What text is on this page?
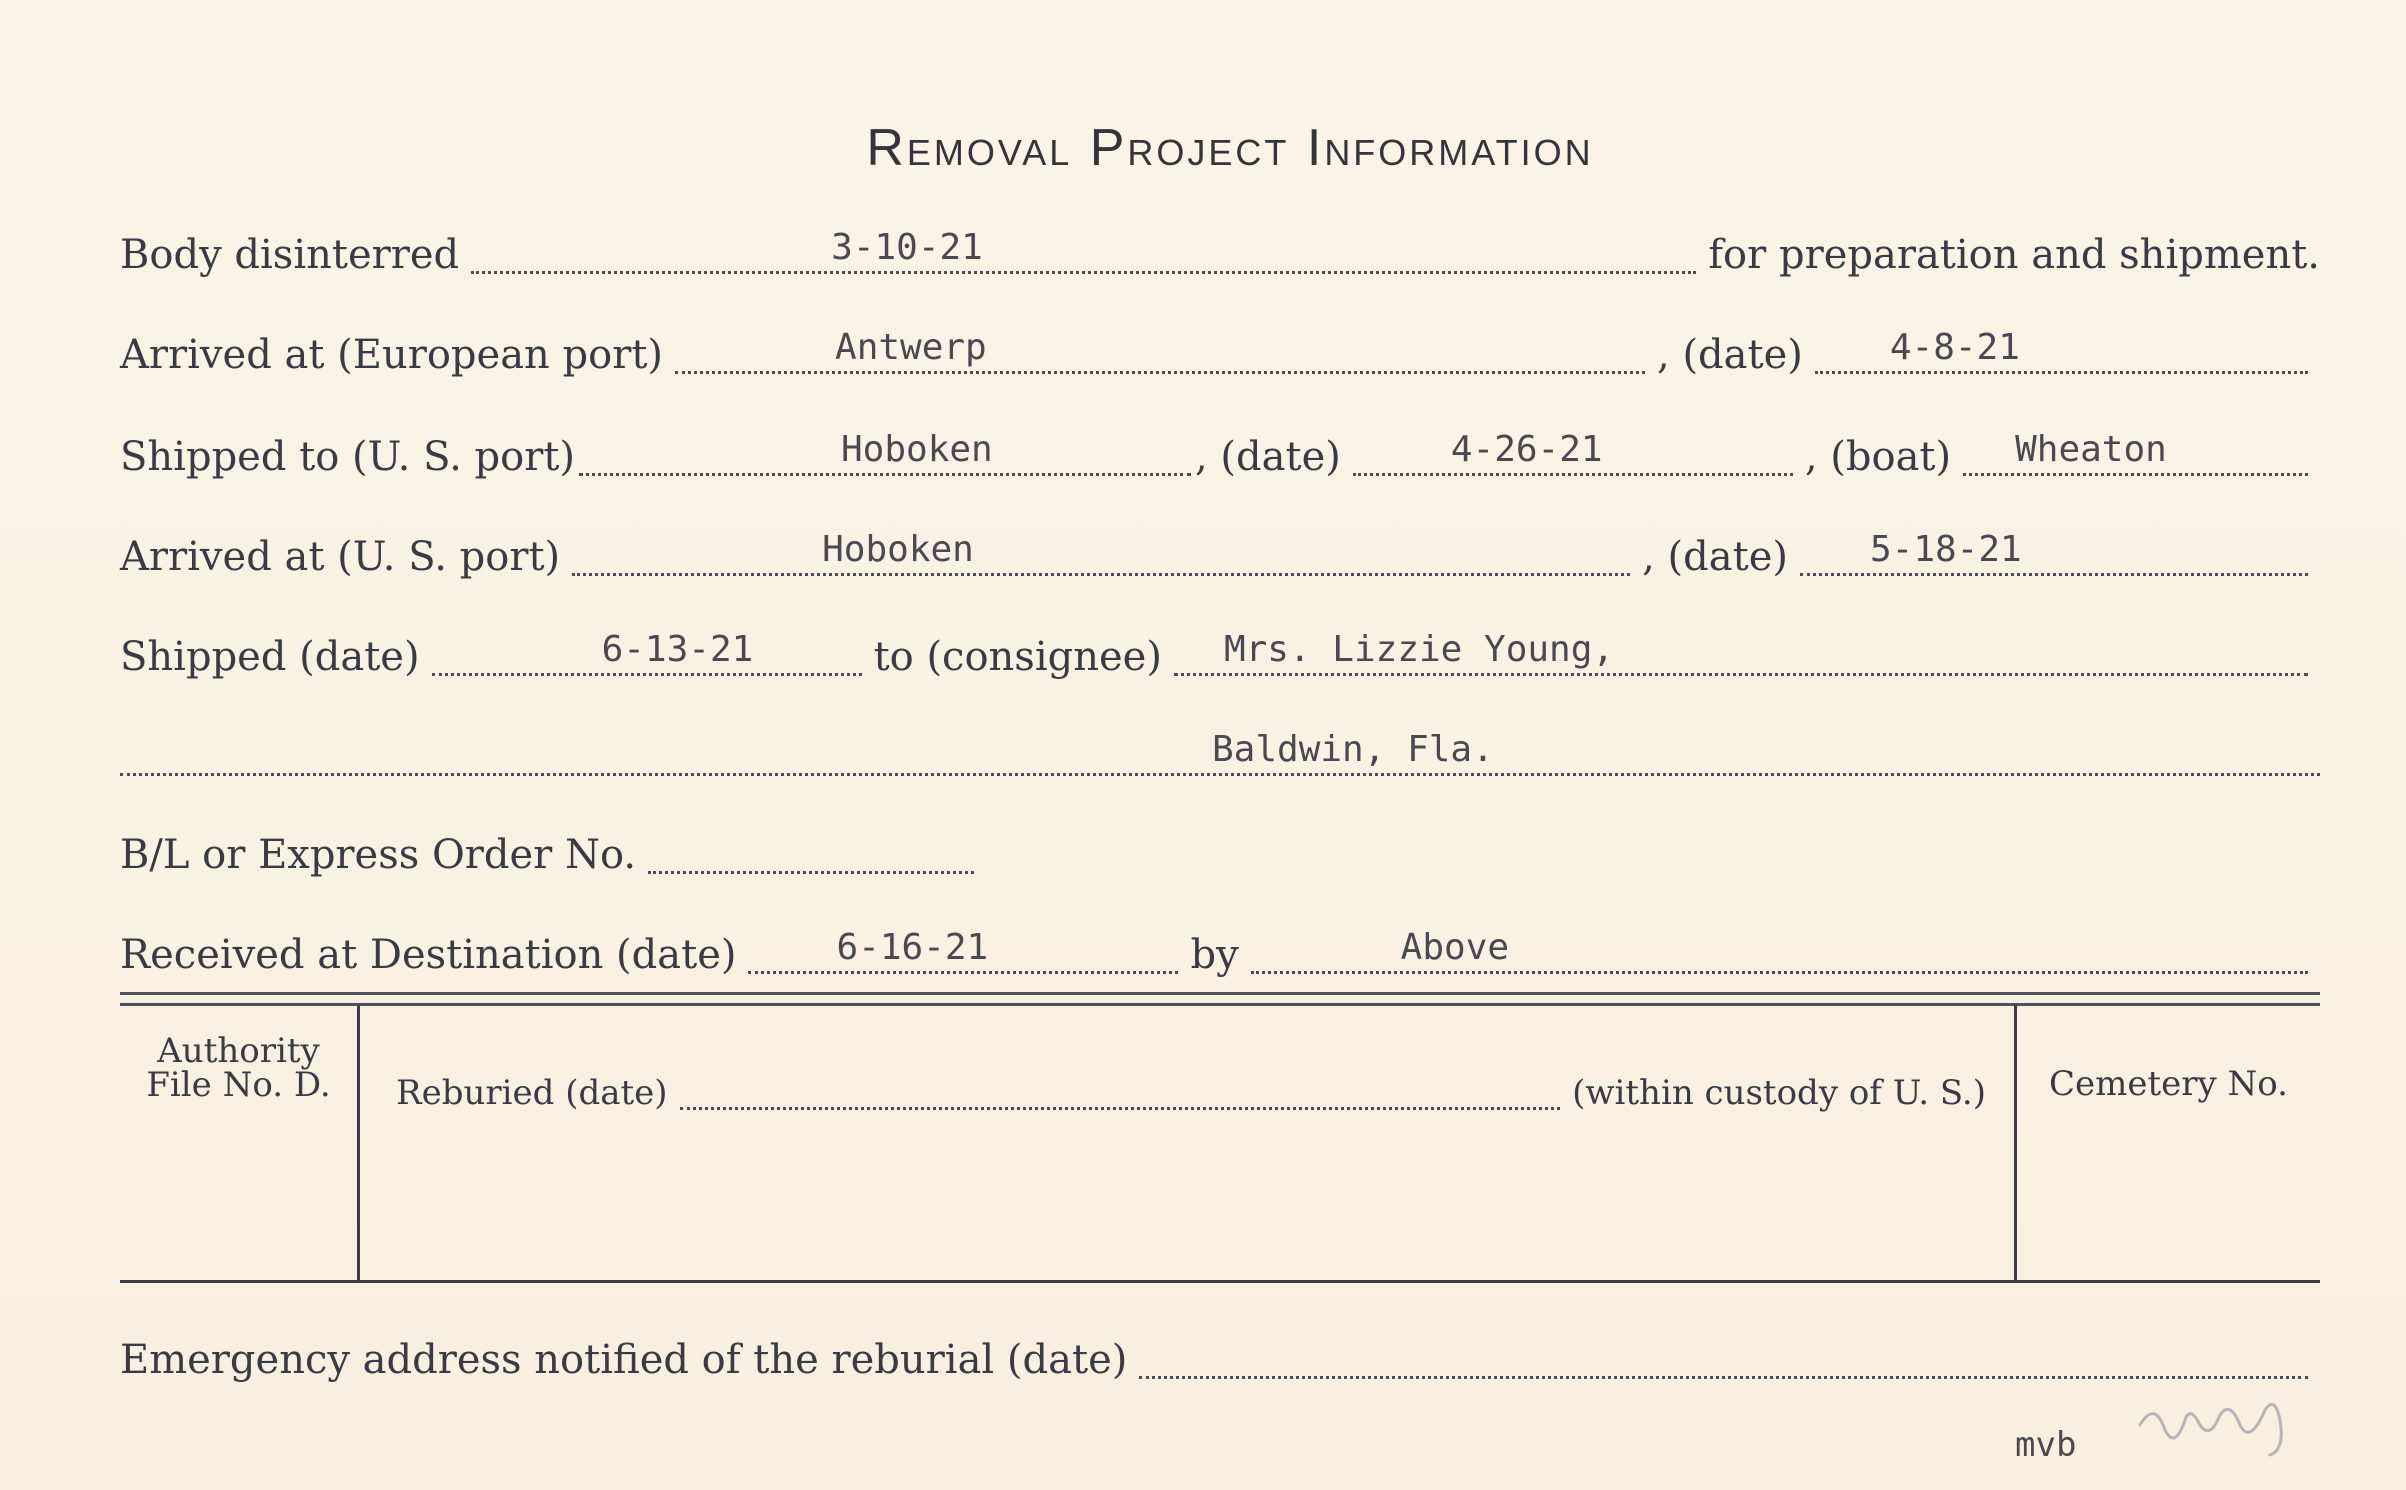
Removal Project Information
Body disinterred	3-10-21	for preparation and shipment.
Arrived at (European port)	Antwerp	, (date) 4-8-21
Shipped to (U. S. port)	Hoboken	, (date)	4-26-21	, (boat) Wheaton
Arrived at (U. S. port)	Hoboken	, (date) 5-18-21
Shipped (date)	6-13-21	to (consignee) Mrs. Lizzie Young,
Baldwin, Fla.
B/L or Express Order No.
Received at Destination (date)	6-16-21	by	Above
Authority
File No. D.	Reburied (date)	(within custody of U. S.)	Cemetery No.
Emergency address notified of the reburial (date)
mvb
